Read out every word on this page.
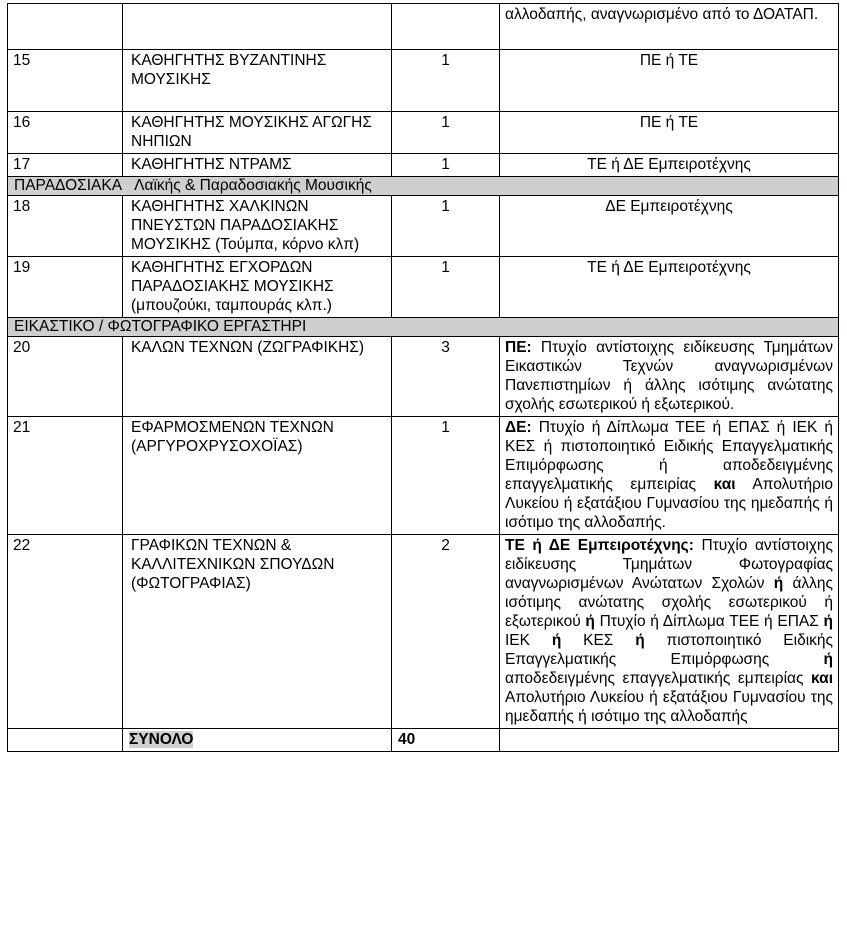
			αλλοδαπής, αναγνωρισμένο από το ΔΟΑΤΑΠ.
15	ΚΑΘΗΓΗΤΗΣ ΒΥΖΑΝΤΙΝΗΣ ΜΟΥΣΙΚΗΣ	1	ΠΕ ή ΤΕ
16	ΚΑΘΗΓΗΤΗΣ ΜΟΥΣΙΚΗΣ ΑΓΩΓΗΣ ΝΗΠΙΩΝ	1	ΠΕ ή ΤΕ
17	ΚΑΘΗΓΗΤΗΣ ΝΤΡΑΜΣ	1	ΤΕ ή ΔΕ Εμπειροτέχνης
ΠΑΡΑΔΟΣΙΑΚΑ Λαϊκής & Παραδοσιακής Μουσικής			
18	ΚΑΘΗΓΗΤΗΣ ΧΑΛΚΙΝΩΝ ΠΝΕΥΣΤΩΝ ΠΑΡΑΔΟΣΙΑΚΗΣ ΜΟΥΣΙΚΗΣ (Τούμπα, κόρνο κλπ)	1	ΔΕ Εμπειροτέχνης
19	ΚΑΘΗΓΗΤΗΣ ΕΓΧΟΡΔΩΝ ΠΑΡΑΔΟΣΙΑΚΗΣ ΜΟΥΣΙΚΗΣ (μπουζούκι, ταμπουράς κλπ.)	1	ΤΕ ή ΔΕ Εμπειροτέχνης
ΕΙΚΑΣΤΙΚΟ / ΦΩΤΟΓΡΑΦΙΚΟ ΕΡΓΑΣΤΗΡΙ			
20	ΚΑΛΩΝ ΤΕΧΝΩΝ (ΖΩΓΡΑΦΙΚΗΣ)	3	ΠΕ: Πτυχίο αντίστοιχης ειδίκευσης Τμημάτων Εικαστικών Τεχνών αναγνωρισμένων Πανεπιστημίων ή άλλης ισότιμης ανώτατης σχολής εσωτερικού ή εξωτερικού.
21	ΕΦΑΡΜΟΣΜΕΝΩΝ ΤΕΧΝΩΝ (ΑΡΓΥΡΟΧΡΥΣΟΧΟΪΑΣ)	1	ΔΕ: Πτυχίο ή Δίπλωμα ΤΕΕ ή ΕΠΑΣ ή ΙΕΚ ή ΚΕΣ ή πιστοποιητικό Ειδικής Επαγγελματικής Επιμόρφωσης ή αποδεδειγμένης επαγγελματικής εμπειρίας και Απολυτήριο Λυκείου ή εξατάξιου Γυμνασίου της ημεδαπής ή ισότιμο της αλλοδαπής.
22	ΓΡΑΦΙΚΩΝ ΤΕΧΝΩΝ & ΚΑΛΛΙΤΕΧΝΙΚΩΝ ΣΠΟΥΔΩΝ (ΦΩΤΟΓΡΑΦΙΑΣ)	2	ΤΕ ή ΔΕ Εμπειροτέχνης: Πτυχίο αντίστοιχης ειδίκευσης Τμημάτων Φωτογραφίας αναγνωρισμένων Ανώτατων Σχολών ή άλλης ισότιμης ανώτατης σχολής εσωτερικού ή εξωτερικού ή Πτυχίο ή Δίπλωμα ΤΕΕ ή ΕΠΑΣ ή ΙΕΚ ή ΚΕΣ ή πιστοποιητικό Ειδικής Επαγγελματικής Επιμόρφωσης ή αποδεδειγμένης επαγγελματικής εμπειρίας και Απολυτήριο Λυκείου ή εξατάξιου Γυμνασίου της ημεδαπής ή ισότιμο της αλλοδαπής
	ΣΥΝΟΛΟ	40	
